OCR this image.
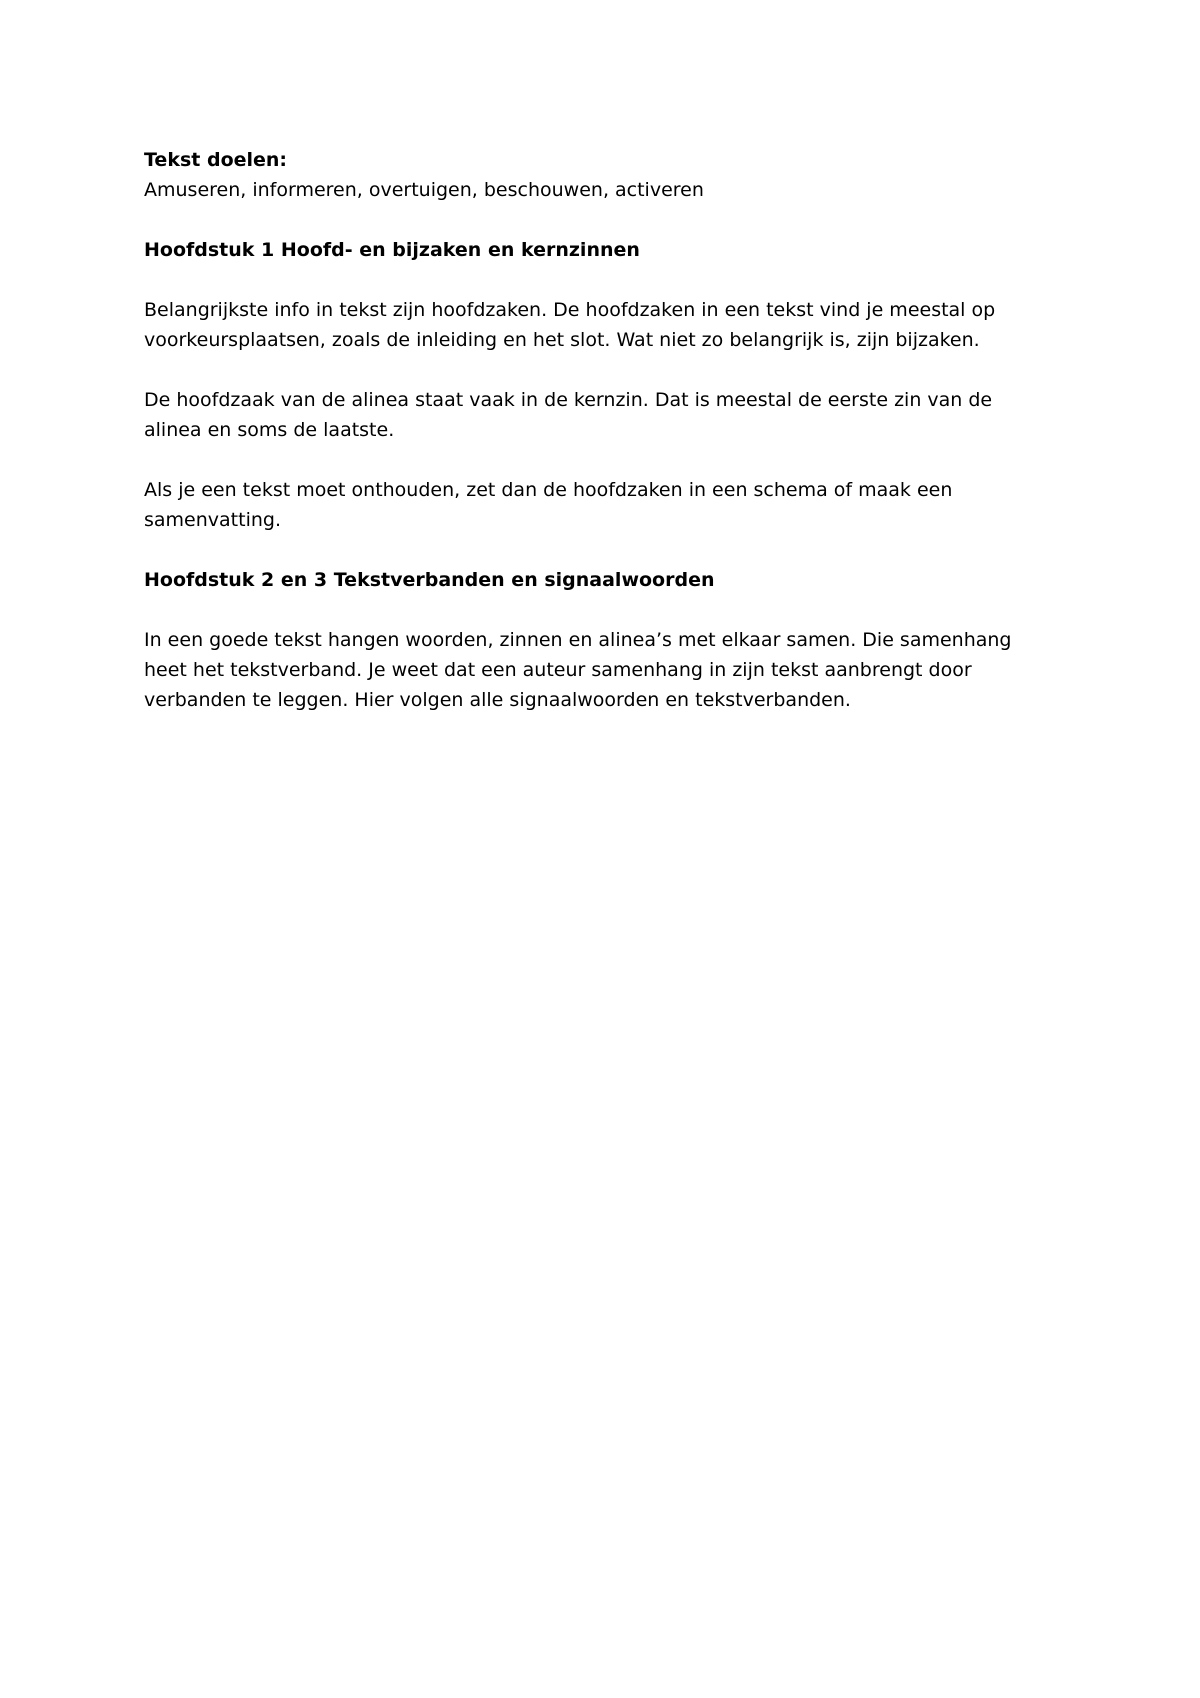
Tekst doelen:

Amuseren, informeren, overtuigen, beschouwen, activeren

Hoofdstuk 1 Hoofd- en bijzaken en kernzinnen

Belangrijkste info in tekst zijn hoofdzaken. De hoofdzaken in een tekst vind je meestal op voorkeursplaatsen, zoals de inleiding en het slot. Wat niet zo belangrijk is, zijn bijzaken.

De hoofdzaak van de alinea staat vaak in de kernzin. Dat is meestal de eerste zin van de alinea en soms de laatste.

Als je een tekst moet onthouden, zet dan de hoofdzaken in een schema of maak een samenvatting.

Hoofdstuk 2 en 3 Tekstverbanden en signaalwoorden

In een goede tekst hangen woorden, zinnen en alinea’s met elkaar samen. Die samenhang heet het tekstverband. Je weet dat een auteur samenhang in zijn tekst aanbrengt door verbanden te leggen. Hier volgen alle signaalwoorden en tekstverbanden.
